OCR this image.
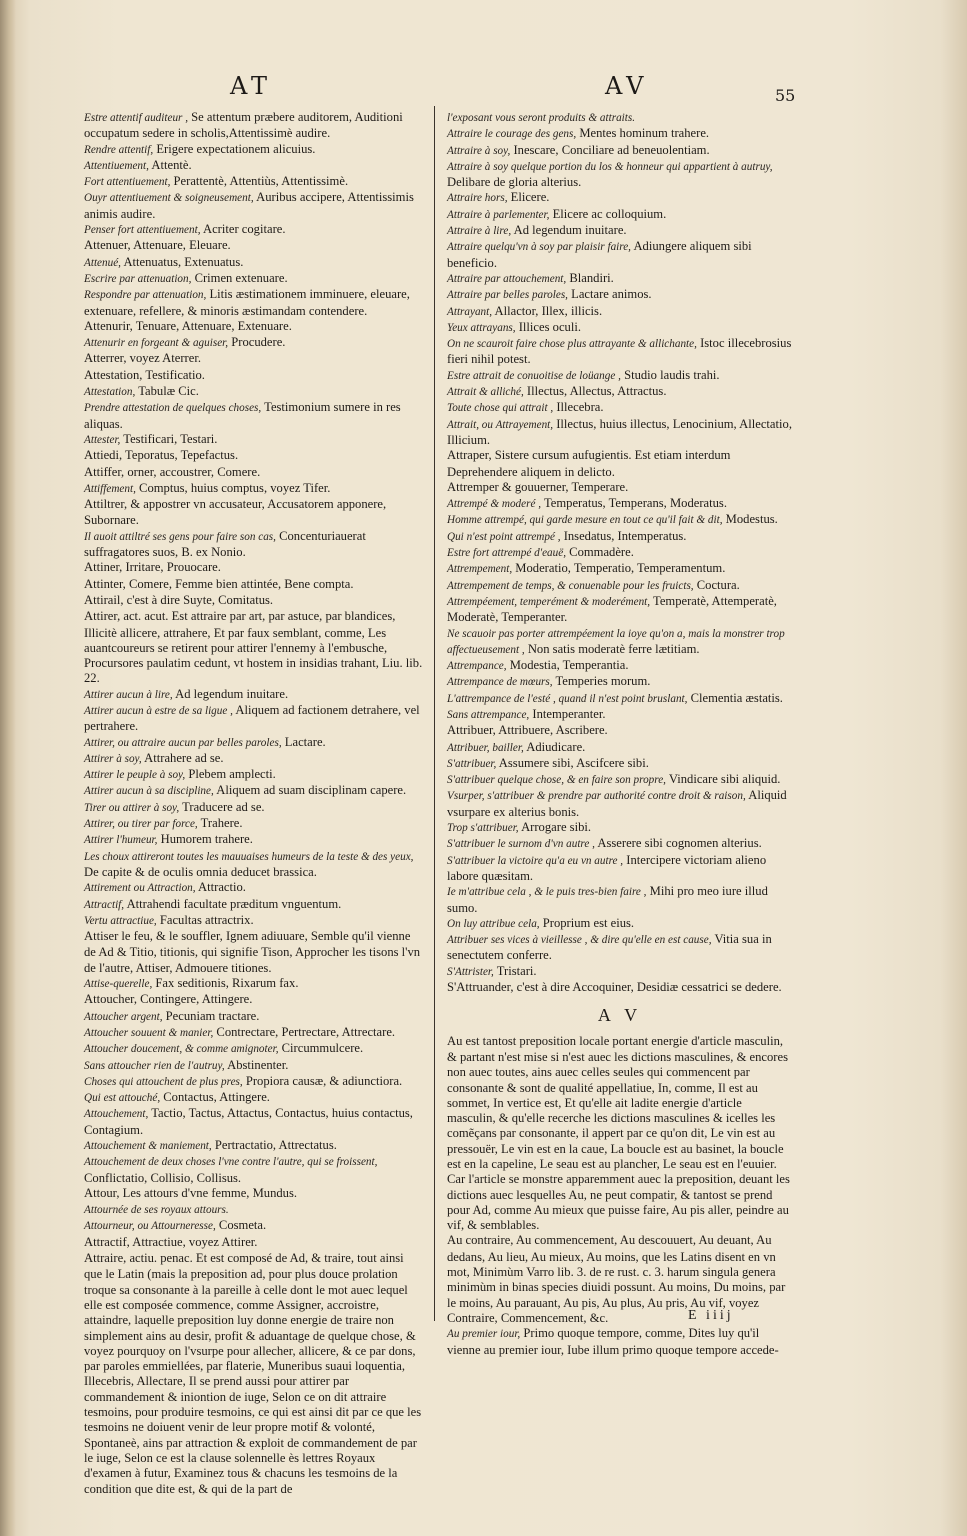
AT	AV	55

Estre attentif auditeur , Se attentum præbere auditorem, Auditioni occupatum sedere in scholis,Attentissimè audire.

Rendre attentif, Erigere expectationem alicuius.

Attentiuement, Attentè.

Fort attentiuement, Perattentè, Attentiùs, Attentissimè.

Ouyr attentiuement & soigneusement, Auribus accipere, Attentissimis animis audire.

Penser fort attentiuement, Acriter cogitare.

Attenuer, Attenuare, Eleuare.

Attenué, Attenuatus, Extenuatus.

Escrire par attenuation, Crimen extenuare.

Respondre par attenuation, Litis æstimationem imminuere, eleuare, extenuare, refellere, & minoris æstimandam contendere.

Attenurir, Tenuare, Attenuare, Extenuare.

Attenurir en forgeant & aguiser, Procudere.

Atterrer, voyez Aterrer.

Attestation, Testificatio.

Attestation, Tabulæ Cic.

Prendre attestation de quelques choses, Testimonium sumere in res aliquas.

Attester, Testificari, Testari.

Attiedi, Teporatus, Tepefactus.

Attiffer, orner, accoustrer, Comere.

Attiffement, Comptus, huius comptus, voyez Tifer.

Attiltrer, & appostrer vn accusateur, Accusatorem apponere, Subornare.

Il auoit attiltré ses gens pour faire son cas, Concenturiauerat suffragatores suos, B. ex Nonio.

Attiner, Irritare, Prouocare.

Attinter, Comere, Femme bien attintée, Bene compta.

Attirail, c'est à dire Suyte, Comitatus.

Attirer, act. acut. Est attraire par art, par astuce, par blandices, Illicitè allicere, attrahere, Et par faux semblant, comme, Les auantcoureurs se retirent pour attirer l'ennemy à l'embusche, Procursores paulatim cedunt, vt hostem in insidias trahant, Liu. lib. 22.

Attirer aucun à lire, Ad legendum inuitare.

Attirer aucun à estre de sa ligue , Aliquem ad factionem detrahere, vel pertrahere.

Attirer, ou attraire aucun par belles paroles, Lactare.

Attirer à soy, Attrahere ad se.

Attirer le peuple à soy, Plebem amplecti.

Attirer aucun à sa discipline, Aliquem ad suam disciplinam capere.

Tirer ou attirer à soy, Traducere ad se.

Attirer, ou tirer par force, Trahere.

Attirer l'humeur, Humorem trahere.

Les choux attireront toutes les mauuaises humeurs de la teste & des yeux, De capite & de oculis omnia deducet brassica.

Attirement ou Attraction, Attractio.

Attractif, Attrahendi facultate præditum vnguentum.

Vertu attractiue, Facultas attractrix.

Attiser le feu, & le souffler, Ignem adiuuare, Semble qu'il vienne de Ad & Titio, titionis, qui signifie Tison, Approcher les tisons l'vn de l'autre, Attiser, Admouere titiones.

Attise-querelle, Fax seditionis, Rixarum fax.

Attoucher, Contingere, Attingere.

Attoucher argent, Pecuniam tractare.

Attoucher souuent & manier, Contrectare, Pertrectare, Attrectare.

Attoucher doucement, & comme amignoter, Circummulcere.

Sans attoucher rien de l'autruy, Abstinenter.

Choses qui attouchent de plus pres, Propiora causæ, & adiunctiora.

Qui est attouché, Contactus, Attingere.

Attouchement, Tactio, Tactus, Attactus, Contactus, huius contactus, Contagium.

Attouchement & maniement, Pertractatio, Attrectatus.

Attouchement de deux choses l'vne contre l'autre, qui se froissent, Conflictatio, Collisio, Collisus.

Attour, Les attours d'vne femme, Mundus.

Attournée de ses royaux attours.

Attourneur, ou Attourneresse, Cosmeta.

Attractif, Attractiue, voyez Attirer.

Attraire, actiu. penac. Et est composé de Ad, & traire, tout ainsi que le Latin (mais la preposition ad, pour plus douce prolation troque sa consonante à la pareille à celle dont le mot auec lequel elle est composée commence, comme Assigner, accroistre, attaindre, laquelle preposition luy donne energie de traire non simplement ains au desir, profit & aduantage de quelque chose, & voyez pourquoy on l'vsurpe pour allecher, allicere, & ce par dons, par paroles emmiellées, par flaterie, Muneribus suaui loquentia, Illecebris, Allectare, Il se prend aussi pour attirer par commandement & iniontion de iuge, Selon ce on dit attraire tesmoins, pour produire tesmoins, ce qui est ainsi dit par ce que les tesmoins ne doiuent venir de leur propre motif & volonté, Spontaneè, ains par attraction & exploit de commandement de par le iuge, Selon ce est la clause solennelle ès lettres Royaux d'examen à futur, Examinez tous & chacuns les tesmoins de la condition que dite est, & qui de la part de

l'exposant vous seront produits & attraits.

Attraire le courage des gens, Mentes hominum trahere.

Attraire à soy, Inescare, Conciliare ad beneuolentiam.

Attraire à soy quelque portion du los & honneur qui appartient à autruy, Delibare de gloria alterius.

Attraire hors, Elicere.

Attraire à parlementer, Elicere ac colloquium.

Attraire à lire, Ad legendum inuitare.

Attraire quelqu'vn à soy par plaisir faire, Adiungere aliquem sibi beneficio.

Attraire par attouchement, Blandiri.

Attraire par belles paroles, Lactare animos.

Attrayant, Allactor, Illex, illicis.

Yeux attrayans, Illices oculi.

On ne scauroit faire chose plus attrayante & allichante, Istoc illecebrosius fieri nihil potest.

Estre attrait de conuoitise de loüange , Studio laudis trahi.

Attrait & alliché, Illectus, Allectus, Attractus.

Toute chose qui attrait , Illecebra.

Attrait, ou Attrayement, Illectus, huius illectus, Lenocinium, Allectatio, Illicium.

Attraper, Sistere cursum aufugientis. Est etiam interdum Deprehendere aliquem in delicto.

Attremper & gouuerner, Temperare.

Attrempé & moderé , Temperatus, Temperans, Moderatus.

Homme attrempé, qui garde mesure en tout ce qu'il fait & dit, Modestus.

Qui n'est point attrempé , Insedatus, Intemperatus.

Estre fort attrempé d'eauë, Commadère.

Attrempement, Moderatio, Temperatio, Temperamentum.

Attrempement de temps, & conuenable pour les fruicts, Coctura.

Attrempéement, temperément & moderément, Temperatè, Attemperatè, Moderatè, Temperanter.

Ne scauoir pas porter attrempéement la ioye qu'on a, mais la monstrer trop affectueusement , Non satis moderatè ferre lætitiam.

Attrempance, Modestia, Temperantia.

Attrempance de mœurs, Temperies morum.

L'attrempance de l'esté , quand il n'est point bruslant, Clementia æstatis.

Sans attrempance, Intemperanter.

Attribuer, Attribuere, Ascribere.

Attribuer, bailler, Adiudicare.

S'attribuer, Assumere sibi, Ascifcere sibi.

S'attribuer quelque chose, & en faire son propre, Vindicare sibi aliquid.

Vsurper, s'attribuer & prendre par authorité contre droit & raison, Aliquid vsurpare ex alterius bonis.

Trop s'attribuer, Arrogare sibi.

S'attribuer le surnom d'vn autre , Asserere sibi cognomen alterius.

S'attribuer la victoire qu'a eu vn autre , Intercipere victoriam alieno labore quæsitam.

Ie m'attribue cela , & le puis tres-bien faire , Mihi pro meo iure illud sumo.

On luy attribue cela, Proprium est eius.

Attribuer ses vices à vieillesse , & dire qu'elle en est cause, Vitia sua in senectutem conferre.

S'Attrister, Tristari.

S'Attruander, c'est à dire Accoquiner, Desidiæ cessatrici se dedere.

A V

Au est tantost preposition locale portant energie d'article masculin, & partant n'est mise si n'est auec les dictions masculines, & encores non auec toutes, ains auec celles seules qui commencent par consonante & sont de qualité appellatiue, In, comme, Il est au sommet, In vertice est, Et qu'elle ait ladite energie d'article masculin, & qu'elle recerche les dictions masculines & icelles les comẽçans par consonante, il appert par ce qu'on dit, Le vin est au pressouër, Le vin est en la caue, La boucle est au basinet, la boucle est en la capeline, Le seau est au plancher, Le seau est en l'euuier. Car l'article se monstre apparemment auec la preposition, deuant les dictions auec lesquelles Au, ne peut compatir, & tantost se prend pour Ad, comme Au mieux que puisse faire, Au pis aller, peindre au vif, & semblables.

Au contraire, Au commencement, Au descouuert, Au deuant, Au dedans, Au lieu, Au mieux, Au moins, que les Latins disent en vn mot, Minimùm Varro lib. 3. de re rust. c. 3. harum singula genera minimùm in binas species diuidi possunt. Au moins, Du moins, par le moins, Au parauant, Au pis, Au plus, Au pris, Au vif, voyez Contraire, Commencement, &c.

Au premier iour, Primo quoque tempore, comme, Dites luy qu'il vienne au premier iour, Iube illum primo quoque tempore accede-

E iiij
